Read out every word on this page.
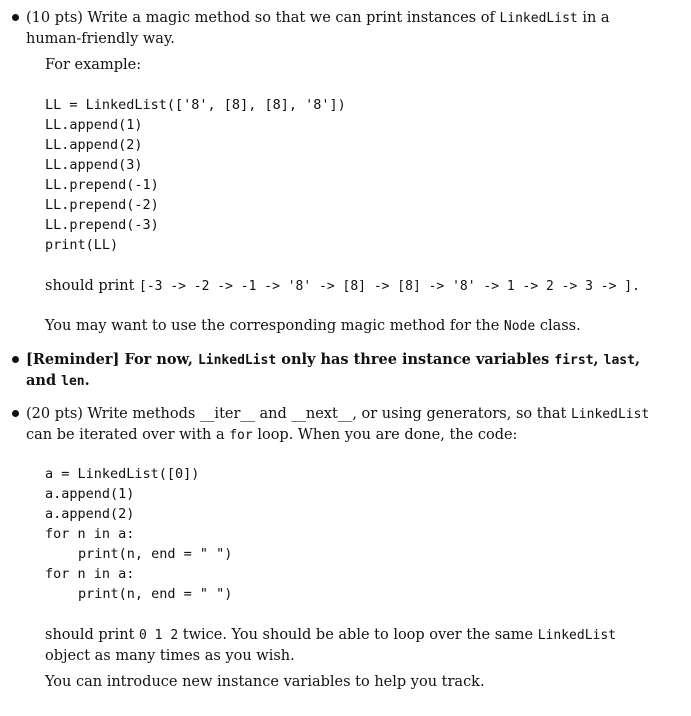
(10 pts) Write a magic method so that we can print instances of LinkedList in a human-friendly way.

For example:
LL = LinkedList(['8', [8], [8], '8'])
LL.append(1)
LL.append(2)
LL.append(3)
LL.prepend(-1)
LL.prepend(-2)
LL.prepend(-3)
print(LL)
should print [-3 -> -2 -> -1 -> '8' -> [8] -> [8] -> '8' -> 1 -> 2 -> 3 -> ].
You may want to use the corresponding magic method for the Node class.

[Reminder] For now, LinkedList only has three instance variables first, last, and len.

(20 pts) Write methods __iter__ and __next__, or using generators, so that LinkedList can be iterated over with a for loop. When you are done, the code:

a = LinkedList([0])
a.append(1)
a.append(2)
for n in a:
print(n, end = " ")
for n in a:
print(n, end = " ")
should print 0 1 2 twice. You should be able to loop over the same LinkedList object as many times as you wish.
You can introduce new instance variables to help you track.
